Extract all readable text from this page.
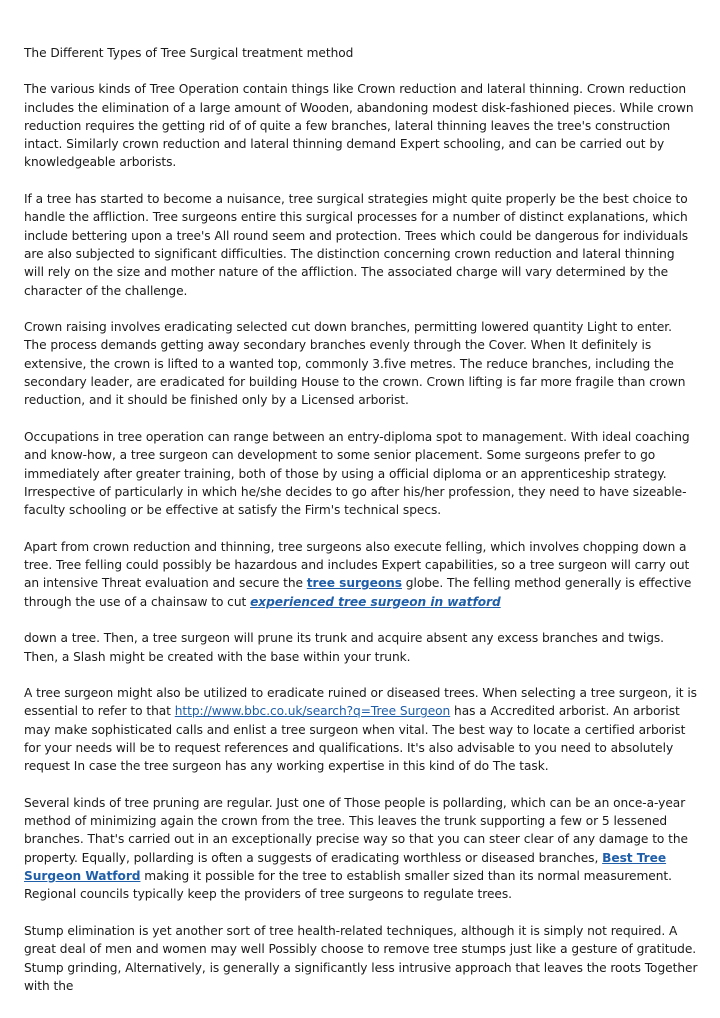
The Different Types of Tree Surgical treatment method

The various kinds of Tree Operation contain things like Crown reduction and lateral thinning. Crown reduction includes the elimination of a large amount of Wooden, abandoning modest disk-fashioned pieces. While crown reduction requires the getting rid of of quite a few branches, lateral thinning leaves the tree's construction intact. Similarly crown reduction and lateral thinning demand Expert schooling, and can be carried out by knowledgeable arborists.

If a tree has started to become a nuisance, tree surgical strategies might quite properly be the best choice to handle the affliction. Tree surgeons entire this surgical processes for a number of distinct explanations, which include bettering upon a tree's All round seem and protection. Trees which could be dangerous for individuals are also subjected to significant difficulties. The distinction concerning crown reduction and lateral thinning will rely on the size and mother nature of the affliction. The associated charge will vary determined by the character of the challenge.

Crown raising involves eradicating selected cut down branches, permitting lowered quantity Light to enter. The process demands getting away secondary branches evenly through the Cover. When It definitely is extensive, the crown is lifted to a wanted top, commonly 3.five metres. The reduce branches, including the secondary leader, are eradicated for building House to the crown. Crown lifting is far more fragile than crown reduction, and it should be finished only by a Licensed arborist.

Occupations in tree operation can range between an entry-diploma spot to management. With ideal coaching and know-how, a tree surgeon can development to some senior placement. Some surgeons prefer to go immediately after greater training, both of those by using a official diploma or an apprenticeship strategy. Irrespective of particularly in which he/she decides to go after his/her profession, they need to have sizeable-faculty schooling or be effective at satisfy the Firm's technical specs.

Apart from crown reduction and thinning, tree surgeons also execute felling, which involves chopping down a tree. Tree felling could possibly be hazardous and includes Expert capabilities, so a tree surgeon will carry out an intensive Threat evaluation and secure the tree surgeons globe. The felling method generally is effective through the use of a chainsaw to cut experienced tree surgeon in watford

down a tree. Then, a tree surgeon will prune its trunk and acquire absent any excess branches and twigs. Then, a Slash might be created with the base within your trunk.

A tree surgeon might also be utilized to eradicate ruined or diseased trees. When selecting a tree surgeon, it is essential to refer to that http://www.bbc.co.uk/search?q=Tree Surgeon has a Accredited arborist. An arborist may make sophisticated calls and enlist a tree surgeon when vital. The best way to locate a certified arborist for your needs will be to request references and qualifications. It's also advisable to you need to absolutely request In case the tree surgeon has any working expertise in this kind of do The task.

Several kinds of tree pruning are regular. Just one of Those people is pollarding, which can be an once-a-year method of minimizing again the crown from the tree. This leaves the trunk supporting a few or 5 lessened branches. That's carried out in an exceptionally precise way so that you can steer clear of any damage to the property. Equally, pollarding is often a suggests of eradicating worthless or diseased branches, Best Tree Surgeon Watford making it possible for the tree to establish smaller sized than its normal measurement. Regional councils typically keep the providers of tree surgeons to regulate trees.

Stump elimination is yet another sort of tree health-related techniques, although it is simply not required. A great deal of men and women may well Possibly choose to remove tree stumps just like a gesture of gratitude. Stump grinding, Alternatively, is generally a significantly less intrusive approach that leaves the roots Together with the
